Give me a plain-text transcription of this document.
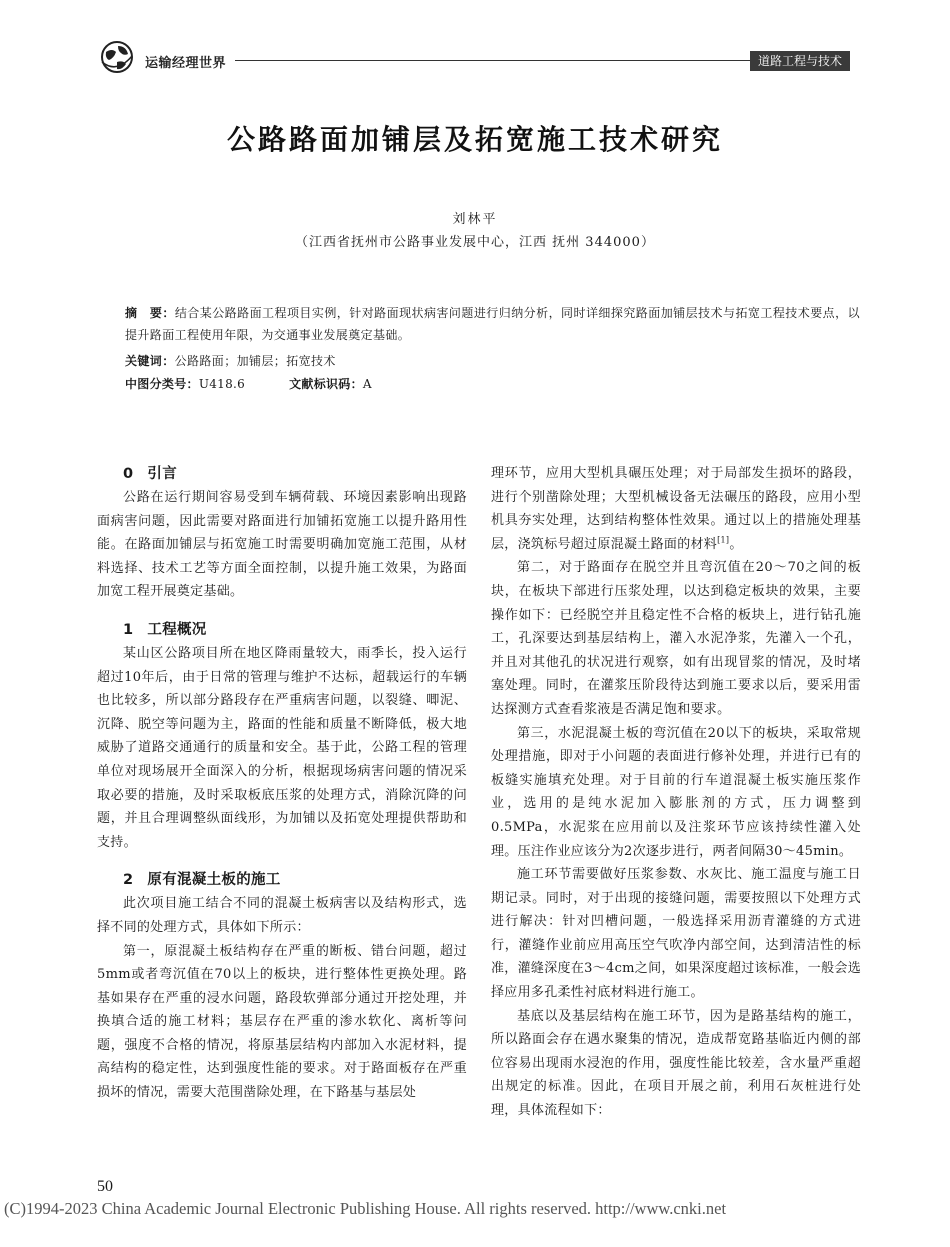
运输经理世界	道路工程与技术
公路路面加铺层及拓宽施工技术研究
刘林平
（江西省抚州市公路事业发展中心，江西 抚州 344000）
摘　要：结合某公路路面工程项目实例，针对路面现状病害问题进行归纳分析，同时详细探究路面加铺层技术与拓宽工程技术要点，以提升路面工程使用年限，为交通事业发展奠定基础。
关键词：公路路面；加铺层；拓宽技术
中图分类号：U418.6	文献标识码：A
0 引言

公路在运行期间容易受到车辆荷载、环境因素影响出现路面病害问题，因此需要对路面进行加铺拓宽施工以提升路用性能。在路面加铺层与拓宽施工时需要明确加宽施工范围，从材料选择、技术工艺等方面全面控制，以提升施工效果，为路面加宽工程开展奠定基础。

1 工程概况

某山区公路项目所在地区降雨量较大，雨季长，投入运行超过10年后，由于日常的管理与维护不达标，超载运行的车辆也比较多，所以部分路段存在严重病害问题，以裂缝、唧泥、沉降、脱空等问题为主，路面的性能和质量不断降低，极大地威胁了道路交通通行的质量和安全。基于此，公路工程的管理单位对现场展开全面深入的分析，根据现场病害问题的情况采取必要的措施，及时采取板底压浆的处理方式，消除沉降的问题，并且合理调整纵面线形，为加铺以及拓宽处理提供帮助和支持。

2 原有混凝土板的施工

此次项目施工结合不同的混凝土板病害以及结构形式，选择不同的处理方式，具体如下所示：

第一，原混凝土板结构存在严重的断板、错台问题，超过5mm或者弯沉值在70以上的板块，进行整体性更换处理。路基如果存在严重的浸水问题，路段软弹部分通过开挖处理，并换填合适的施工材料；基层存在严重的渗水软化、离析等问题，强度不合格的情况，将原基层结构内部加入水泥材料，提高结构的稳定性，达到强度性能的要求。对于路面板存在严重损坏的情况，需要大范围凿除处理，在下路基与基层处

理环节，应用大型机具碾压处理；对于局部发生损坏的路段，进行个别凿除处理；大型机械设备无法碾压的路段，应用小型机具夯实处理，达到结构整体性效果。通过以上的措施处理基层，浇筑标号超过原混凝土路面的材料[1]。

第二，对于路面存在脱空并且弯沉值在20～70之间的板块，在板块下部进行压浆处理，以达到稳定板块的效果，主要操作如下：已经脱空并且稳定性不合格的板块上，进行钻孔施工，孔深要达到基层结构上，灌入水泥净浆，先灌入一个孔，并且对其他孔的状况进行观察，如有出现冒浆的情况，及时堵塞处理。同时，在灌浆压阶段待达到施工要求以后，要采用雷达探测方式查看浆液是否满足饱和要求。

第三，水泥混凝土板的弯沉值在20以下的板块，采取常规处理措施，即对于小问题的表面进行修补处理，并进行已有的板缝实施填充处理。对于目前的行车道混凝土板实施压浆作业，选用的是纯水泥加入膨胀剂的方式，压力调整到0.5MPa，水泥浆在应用前以及注浆环节应该持续性灌入处理。压注作业应该分为2次逐步进行，两者间隔30～45min。

施工环节需要做好压浆参数、水灰比、施工温度与施工日期记录。同时，对于出现的接缝问题，需要按照以下处理方式进行解决：针对凹槽问题，一般选择采用沥青灌缝的方式进行，灌缝作业前应用高压空气吹净内部空间，达到清洁性的标准，灌缝深度在3～4cm之间，如果深度超过该标准，一般会选择应用多孔柔性衬底材料进行施工。

基底以及基层结构在施工环节，因为是路基结构的施工，所以路面会存在遇水聚集的情况，造成帮宽路基临近内侧的部位容易出现雨水浸泡的作用，强度性能比较差，含水量严重超出规定的标准。因此，在项目开展之前，利用石灰桩进行处理，具体流程如下：

50
(C)1994-2023 China Academic Journal Electronic Publishing House. All rights reserved. http://www.cnki.net
